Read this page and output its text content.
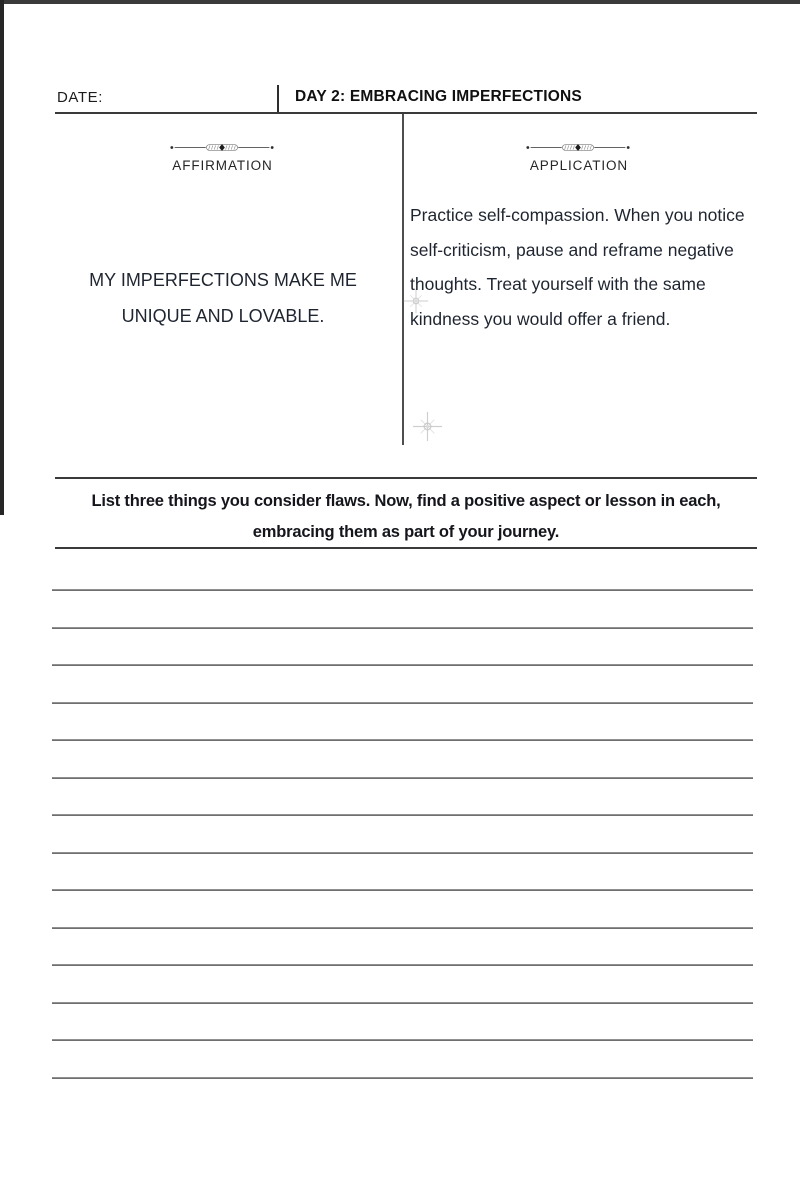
DATE:	DAY 2: EMBRACING IMPERFECTIONS
AFFIRMATION
MY IMPERFECTIONS MAKE ME
UNIQUE AND LOVABLE.
APPLICATION
Practice self-compassion. When you notice self-criticism, pause and reframe negative thoughts. Treat yourself with the same kindness you would offer a friend.
List three things you consider flaws. Now, find a positive aspect or lesson in each,
embracing them as part of your journey.
